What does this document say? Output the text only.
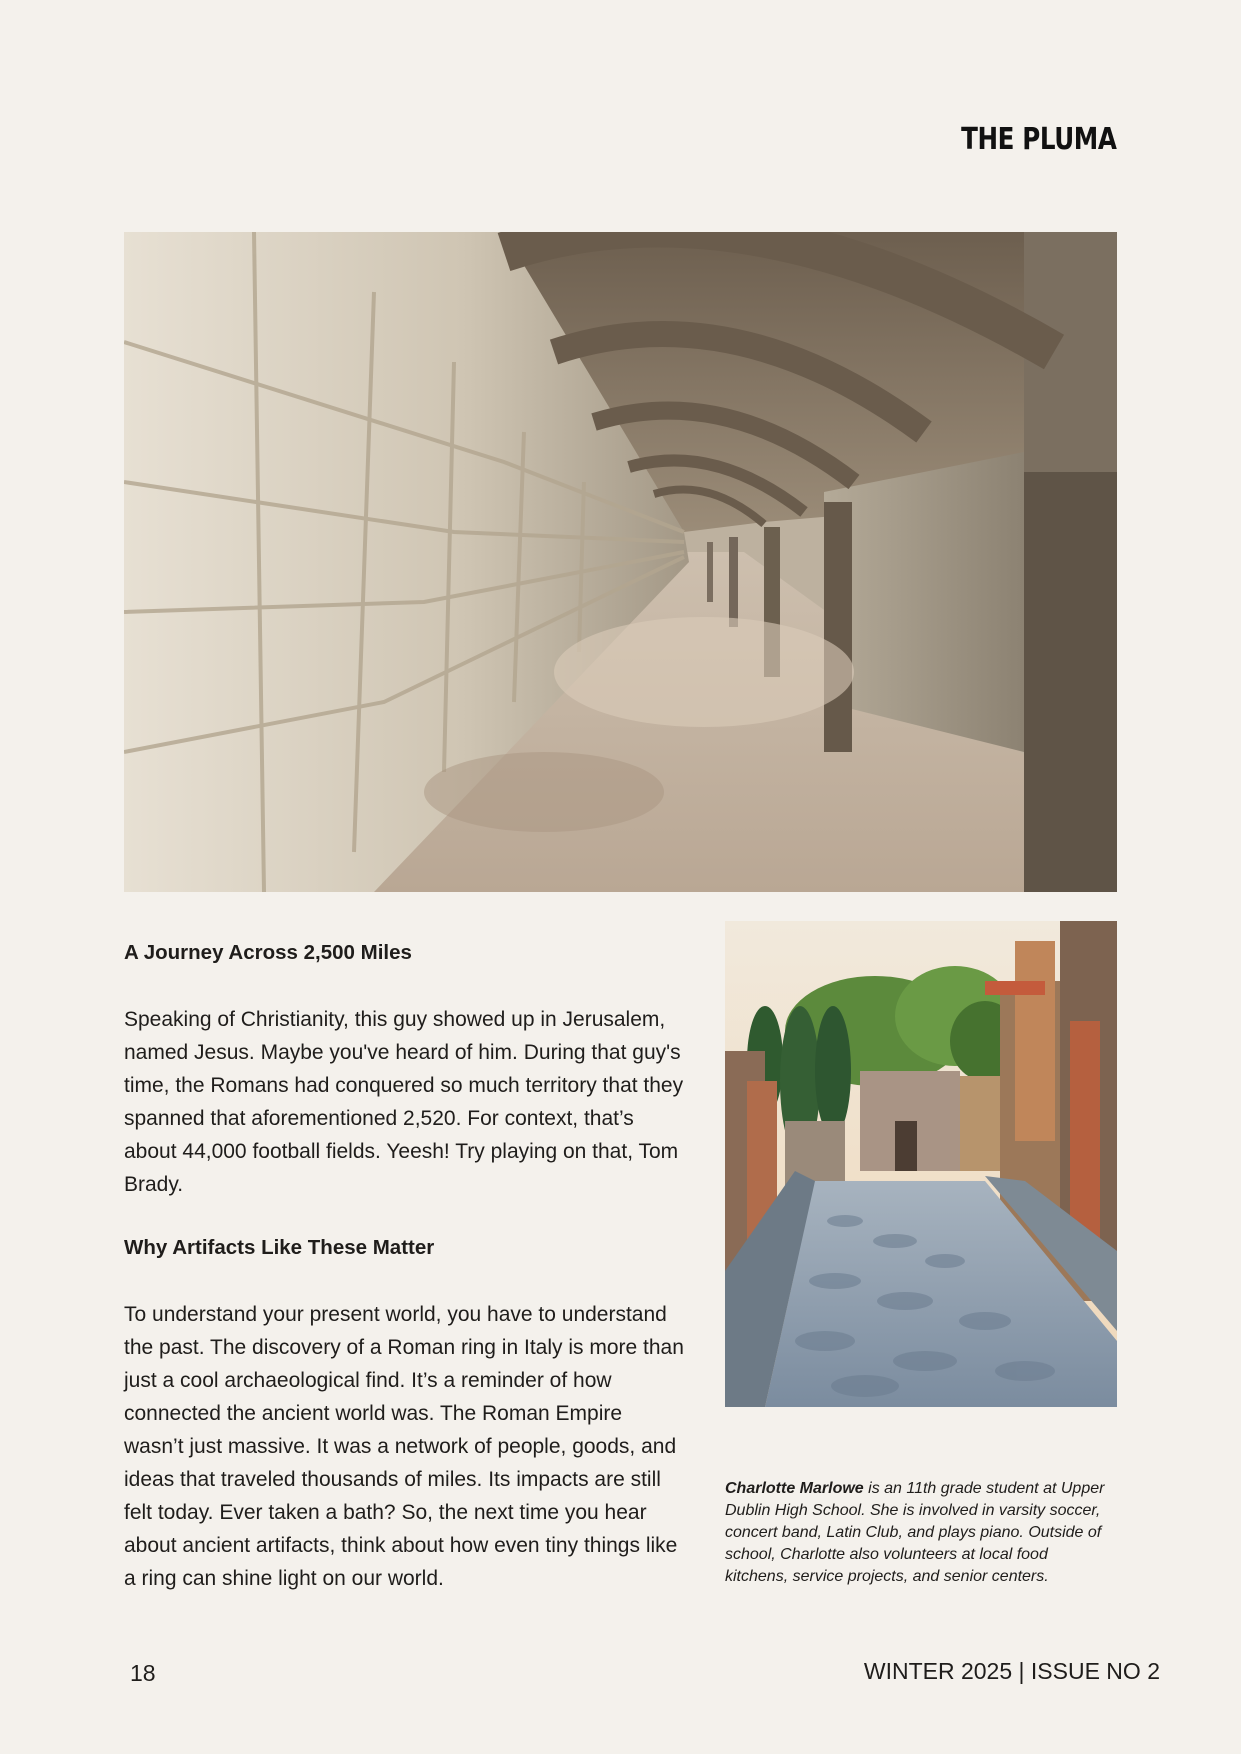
THE PLUMA

A Journey Across 2,500 Miles

Speaking of Christianity, this guy showed up in Jerusalem, named Jesus. Maybe you've heard of him. During that guy's time, the Romans had conquered so much territory that they spanned that aforementioned 2,520. For context, that’s about 44,000 football fields. Yeesh! Try playing on that, Tom Brady.

Why Artifacts Like These Matter

To understand your present world, you have to understand the past. The discovery of a Roman ring in Italy is more than just a cool archaeological find. It’s a reminder of how connected the ancient world was. The Roman Empire wasn’t just massive. It was a network of people, goods, and ideas that traveled thousands of miles. Its impacts are still felt today. Ever taken a bath? So, the next time you hear about ancient artifacts, think about how even tiny things like a ring can shine light on our world.

Charlotte Marlowe is an 11th grade student at Upper Dublin High School. She is involved in varsity soccer, concert band, Latin Club, and plays piano. Outside of school, Charlotte also volunteers at local food kitchens, service projects, and senior centers.
18	WINTER 2025 | ISSUE NO 2
